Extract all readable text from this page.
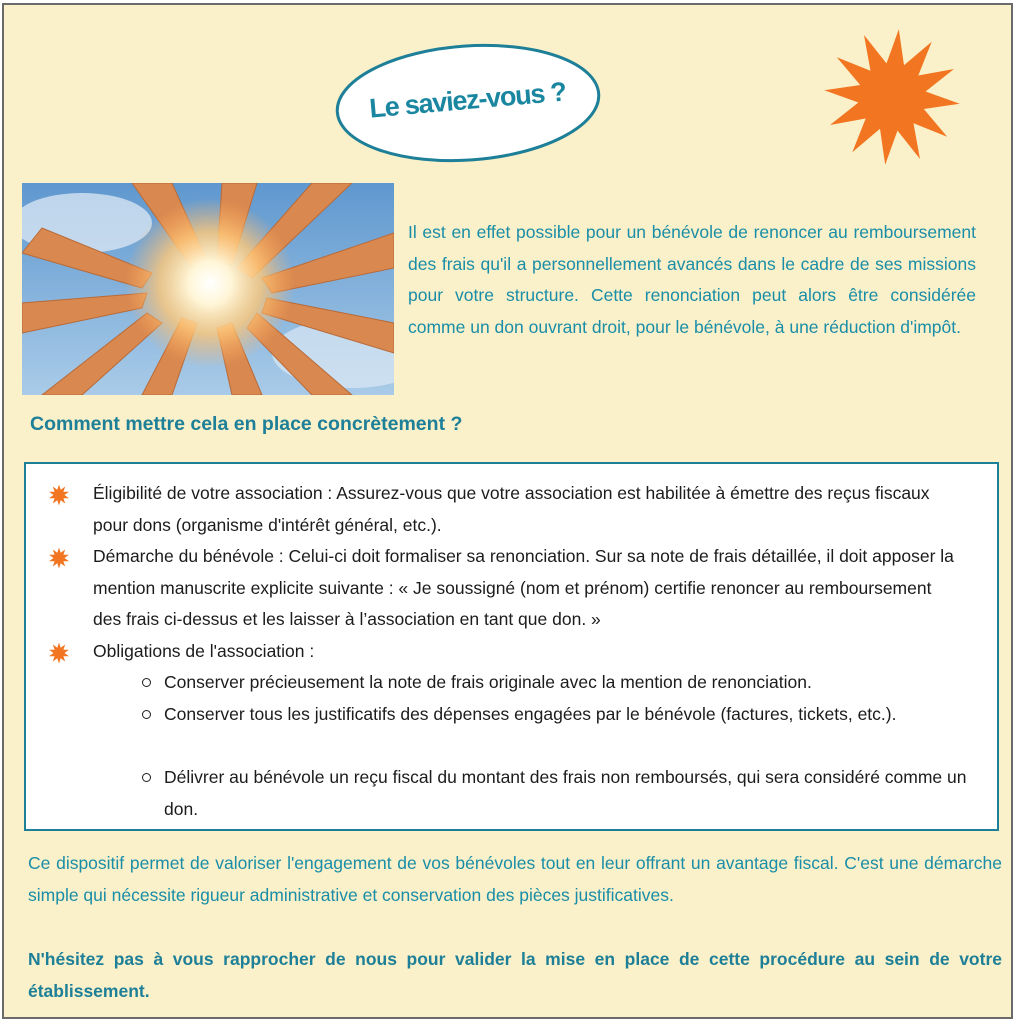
Le saviez-vous ?

Il est en effet possible pour un bénévole de renoncer au remboursement des frais qu'il a personnellement avancés dans le cadre de ses missions pour votre structure. Cette renonciation peut alors être considérée comme un don ouvrant droit, pour le bénévole, à une réduction d'impôt.

Comment mettre cela en place concrètement ?

Éligibilité de votre association : Assurez-vous que votre association est habilitée à émettre des reçus fiscaux pour dons (organisme d'intérêt général, etc.).

Démarche du bénévole : Celui-ci doit formaliser sa renonciation. Sur sa note de frais détaillée, il doit apposer la mention manuscrite explicite suivante : « Je soussigné (nom et prénom) certifie renoncer au remboursement des frais ci-dessus et les laisser à l’association en tant que don. »

Obligations de l'association :

Conserver précieusement la note de frais originale avec la mention de renonciation.

Conserver tous les justificatifs des dépenses engagées par le bénévole (factures, tickets, etc.).

Délivrer au bénévole un reçu fiscal du montant des frais non remboursés, qui sera considéré comme un don.

Ce dispositif permet de valoriser l'engagement de vos bénévoles tout en leur offrant un avantage fiscal. C'est une démarche simple qui nécessite rigueur administrative et conservation des pièces justificatives.

N'hésitez pas à vous rapprocher de nous pour valider la mise en place de cette procédure au sein de votre établissement.
